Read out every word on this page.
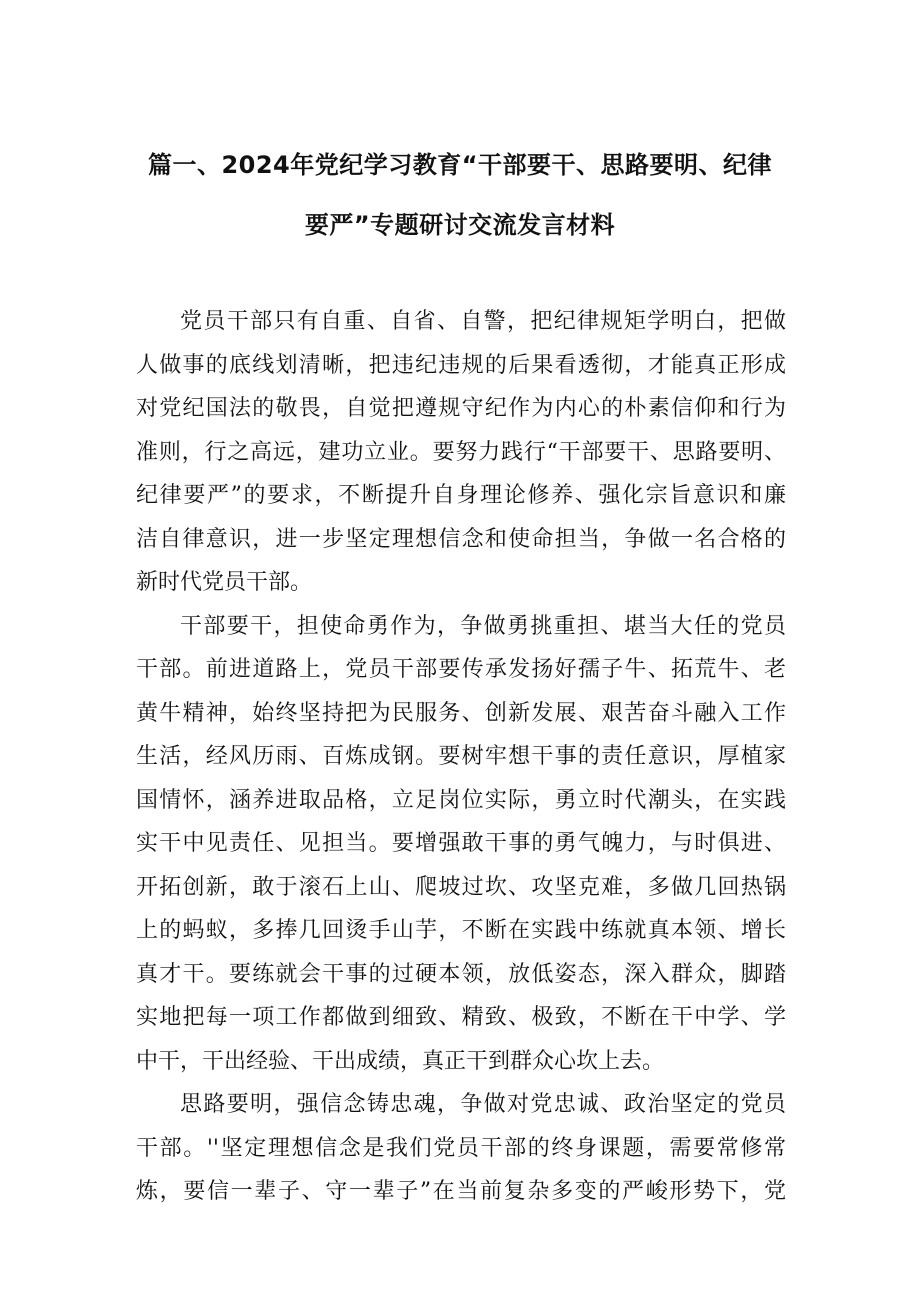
篇一、2024年党纪学习教育“干部要干、思路要明、纪律
要严”专题研讨交流发言材料
党员干部只有自重、自省、自警，把纪律规矩学明白，把做
人做事的底线划清晰，把违纪违规的后果看透彻，才能真正形成
对党纪国法的敬畏，自觉把遵规守纪作为内心的朴素信仰和行为
准则，行之高远，建功立业。要努力践行“干部要干、思路要明、
纪律要严”的要求，不断提升自身理论修养、强化宗旨意识和廉
洁自律意识，进一步坚定理想信念和使命担当，争做一名合格的
新时代党员干部。
干部要干，担使命勇作为，争做勇挑重担、堪当大任的党员
干部。前进道路上，党员干部要传承发扬好孺子牛、拓荒牛、老
黄牛精神，始终坚持把为民服务、创新发展、艰苦奋斗融入工作
生活，经风历雨、百炼成钢。要树牢想干事的责任意识，厚植家
国情怀，涵养进取品格，立足岗位实际，勇立时代潮头，在实践
实干中见责任、见担当。要增强敢干事的勇气魄力，与时俱进、
开拓创新，敢于滚石上山、爬坡过坎、攻坚克难，多做几回热锅
上的蚂蚁，多捧几回烫手山芋，不断在实践中练就真本领、增长
真才干。要练就会干事的过硬本领，放低姿态，深入群众，脚踏
实地把每一项工作都做到细致、精致、极致，不断在干中学、学
中干，干出经验、干出成绩，真正干到群众心坎上去。
思路要明，强信念铸忠魂，争做对党忠诚、政治坚定的党员
干部。''坚定理想信念是我们党员干部的终身课题，需要常修常
炼，要信一辈子、守一辈子”在当前复杂多变的严峻形势下，党
